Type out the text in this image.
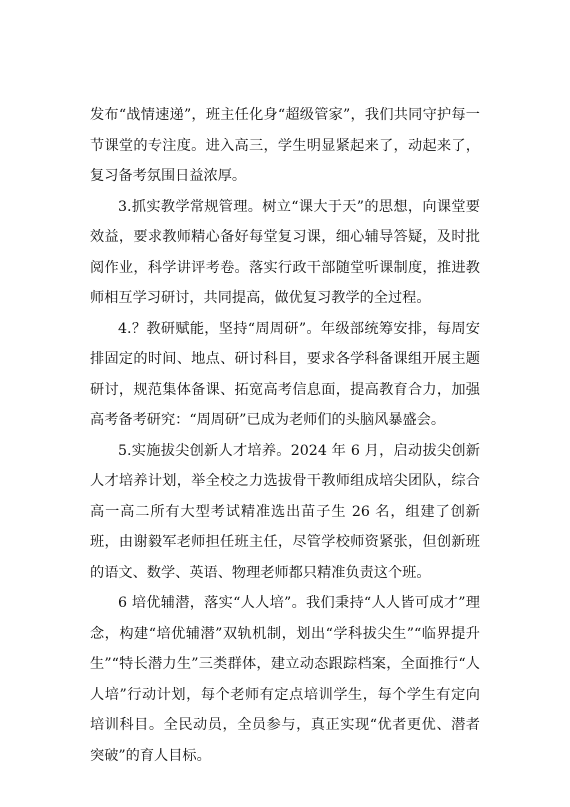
发布“战情速递”，班主任化身“超级管家”，我们共同守护每一节课堂的专注度。进入高三，学生明显紧起来了，动起来了，复习备考氛围日益浓厚。

3.抓实教学常规管理。树立“课大于天”的思想，向课堂要效益，要求教师精心备好每堂复习课，细心辅导答疑，及时批阅作业，科学讲评考卷。落实行政干部随堂听课制度，推进教师相互学习研讨，共同提高，做优复习教学的全过程。

4.？教研赋能，坚持“周周研”。年级部统筹安排，每周安排固定的时间、地点、研讨科目，要求各学科备课组开展主题研讨，规范集体备课、拓宽高考信息面，提高教育合力，加强高考备考研究：“周周研”已成为老师们的头脑风暴盛会。

5.实施拔尖创新人才培养。2024 年 6 月，启动拔尖创新人才培养计划，举全校之力选拔骨干教师组成培尖团队，综合高一高二所有大型考试精准选出苗子生 26 名，组建了创新班，由谢毅军老师担任班主任，尽管学校师资紧张，但创新班的语文、数学、英语、物理老师都只精准负责这个班。

6 培优辅潜，落实“人人培”。我们秉持“人人皆可成才”理念，构建“培优辅潜”双轨机制，划出“学科拔尖生”“临界提升生”“特长潜力生”三类群体，建立动态跟踪档案，全面推行“人人培”行动计划，每个老师有定点培训学生，每个学生有定向培训科目。全民动员，全员参与，真正实现“优者更优、潜者突破”的育人目标。
